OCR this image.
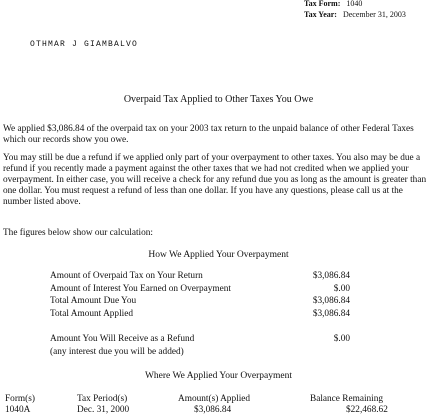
Tax Form: 1040
Tax Year: December 31, 2003
OTHMAR J GIAMBALVO
Overpaid Tax Applied to Other Taxes You Owe
We applied $3,086.84 of the overpaid tax on your 2003 tax return to the unpaid balance of other Federal Taxes which our records show you owe.
You may still be due a refund if we applied only part of your overpayment to other taxes. You also may be due a refund if you recently made a payment against the other taxes that we had not credited when we applied your overpayment. In either case, you will receive a check for any refund due you as long as the amount is greater than one dollar. You must request a refund of less than one dollar. If you have any questions, please call us at the number listed above.
The figures below show our calculation:
How We Applied Your Overpayment
Amount of Overpaid Tax on Your Return	$3,086.84
Amount of Interest You Earned on Overpayment	$.00
Total Amount Due You	$3,086.84
Total Amount Applied	$3,086.84
Amount You Will Receive as a Refund	$.00
(any interest due you will be added)
Where We Applied Your Overpayment
Form(s)	Tax Period(s)	Amount(s) Applied	Balance Remaining
1040A	Dec. 31, 2000	$3,086.84	$22,468.62
